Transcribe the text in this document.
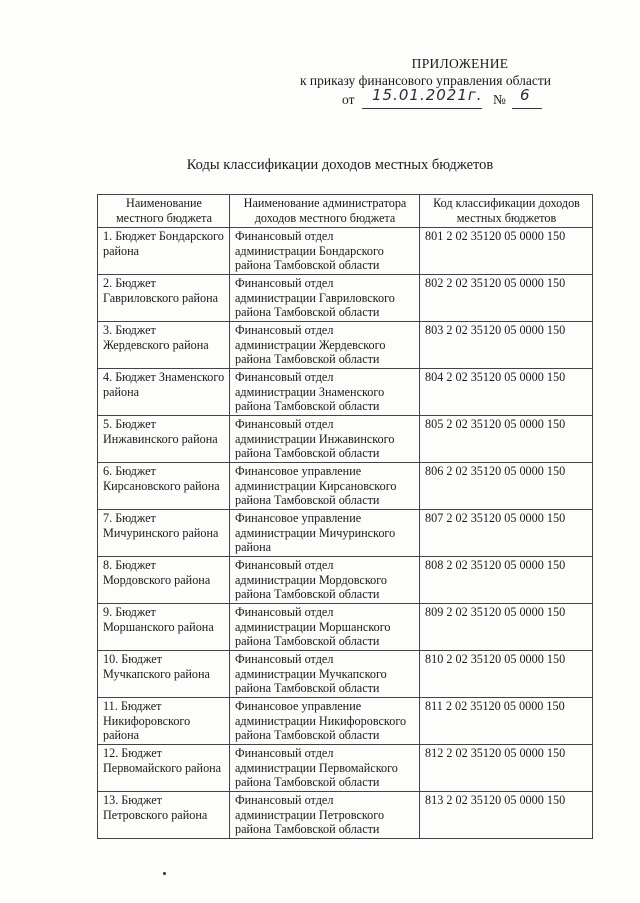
ПРИЛОЖЕНИЕ
к приказу финансового управления области
от 15.01.2021г. № 6
Коды классификации доходов местных бюджетов
Наименование местного бюджета	Наименование администратора доходов местного бюджета	Код классификации доходов местных бюджетов
1. Бюджет Бондарского района	Финансовый отдел администрации Бондарского района Тамбовской области	801 2 02 35120 05 0000 150
2. Бюджет Гавриловского района	Финансовый отдел администрации Гавриловского района Тамбовской области	802 2 02 35120 05 0000 150
3. Бюджет Жердевского района	Финансовый отдел администрации Жердевского района Тамбовской области	803 2 02 35120 05 0000 150
4. Бюджет Знаменского района	Финансовый отдел администрации Знаменского района Тамбовской области	804 2 02 35120 05 0000 150
5. Бюджет Инжавинского района	Финансовый отдел администрации Инжавинского района Тамбовской области	805 2 02 35120 05 0000 150
6. Бюджет Кирсановского района	Финансовое управление администрации Кирсановского района Тамбовской области	806 2 02 35120 05 0000 150
7. Бюджет Мичуринского района	Финансовое управление администрации Мичуринского района	807 2 02 35120 05 0000 150
8. Бюджет Мордовского района	Финансовый отдел администрации Мордовского района Тамбовской области	808 2 02 35120 05 0000 150
9. Бюджет Моршанского района	Финансовый отдел администрации Моршанского района Тамбовской области	809 2 02 35120 05 0000 150
10. Бюджет Мучкапского района	Финансовый отдел администрации Мучкапского района Тамбовской области	810 2 02 35120 05 0000 150
11. Бюджет Никифоровского района	Финансовое управление администрации Никифоровского района Тамбовской области	811 2 02 35120 05 0000 150
12. Бюджет Первомайского района	Финансовый отдел администрации Первомайского района Тамбовской области	812 2 02 35120 05 0000 150
13. Бюджет Петровского района	Финансовый отдел администрации Петровского района Тамбовской области	813 2 02 35120 05 0000 150
